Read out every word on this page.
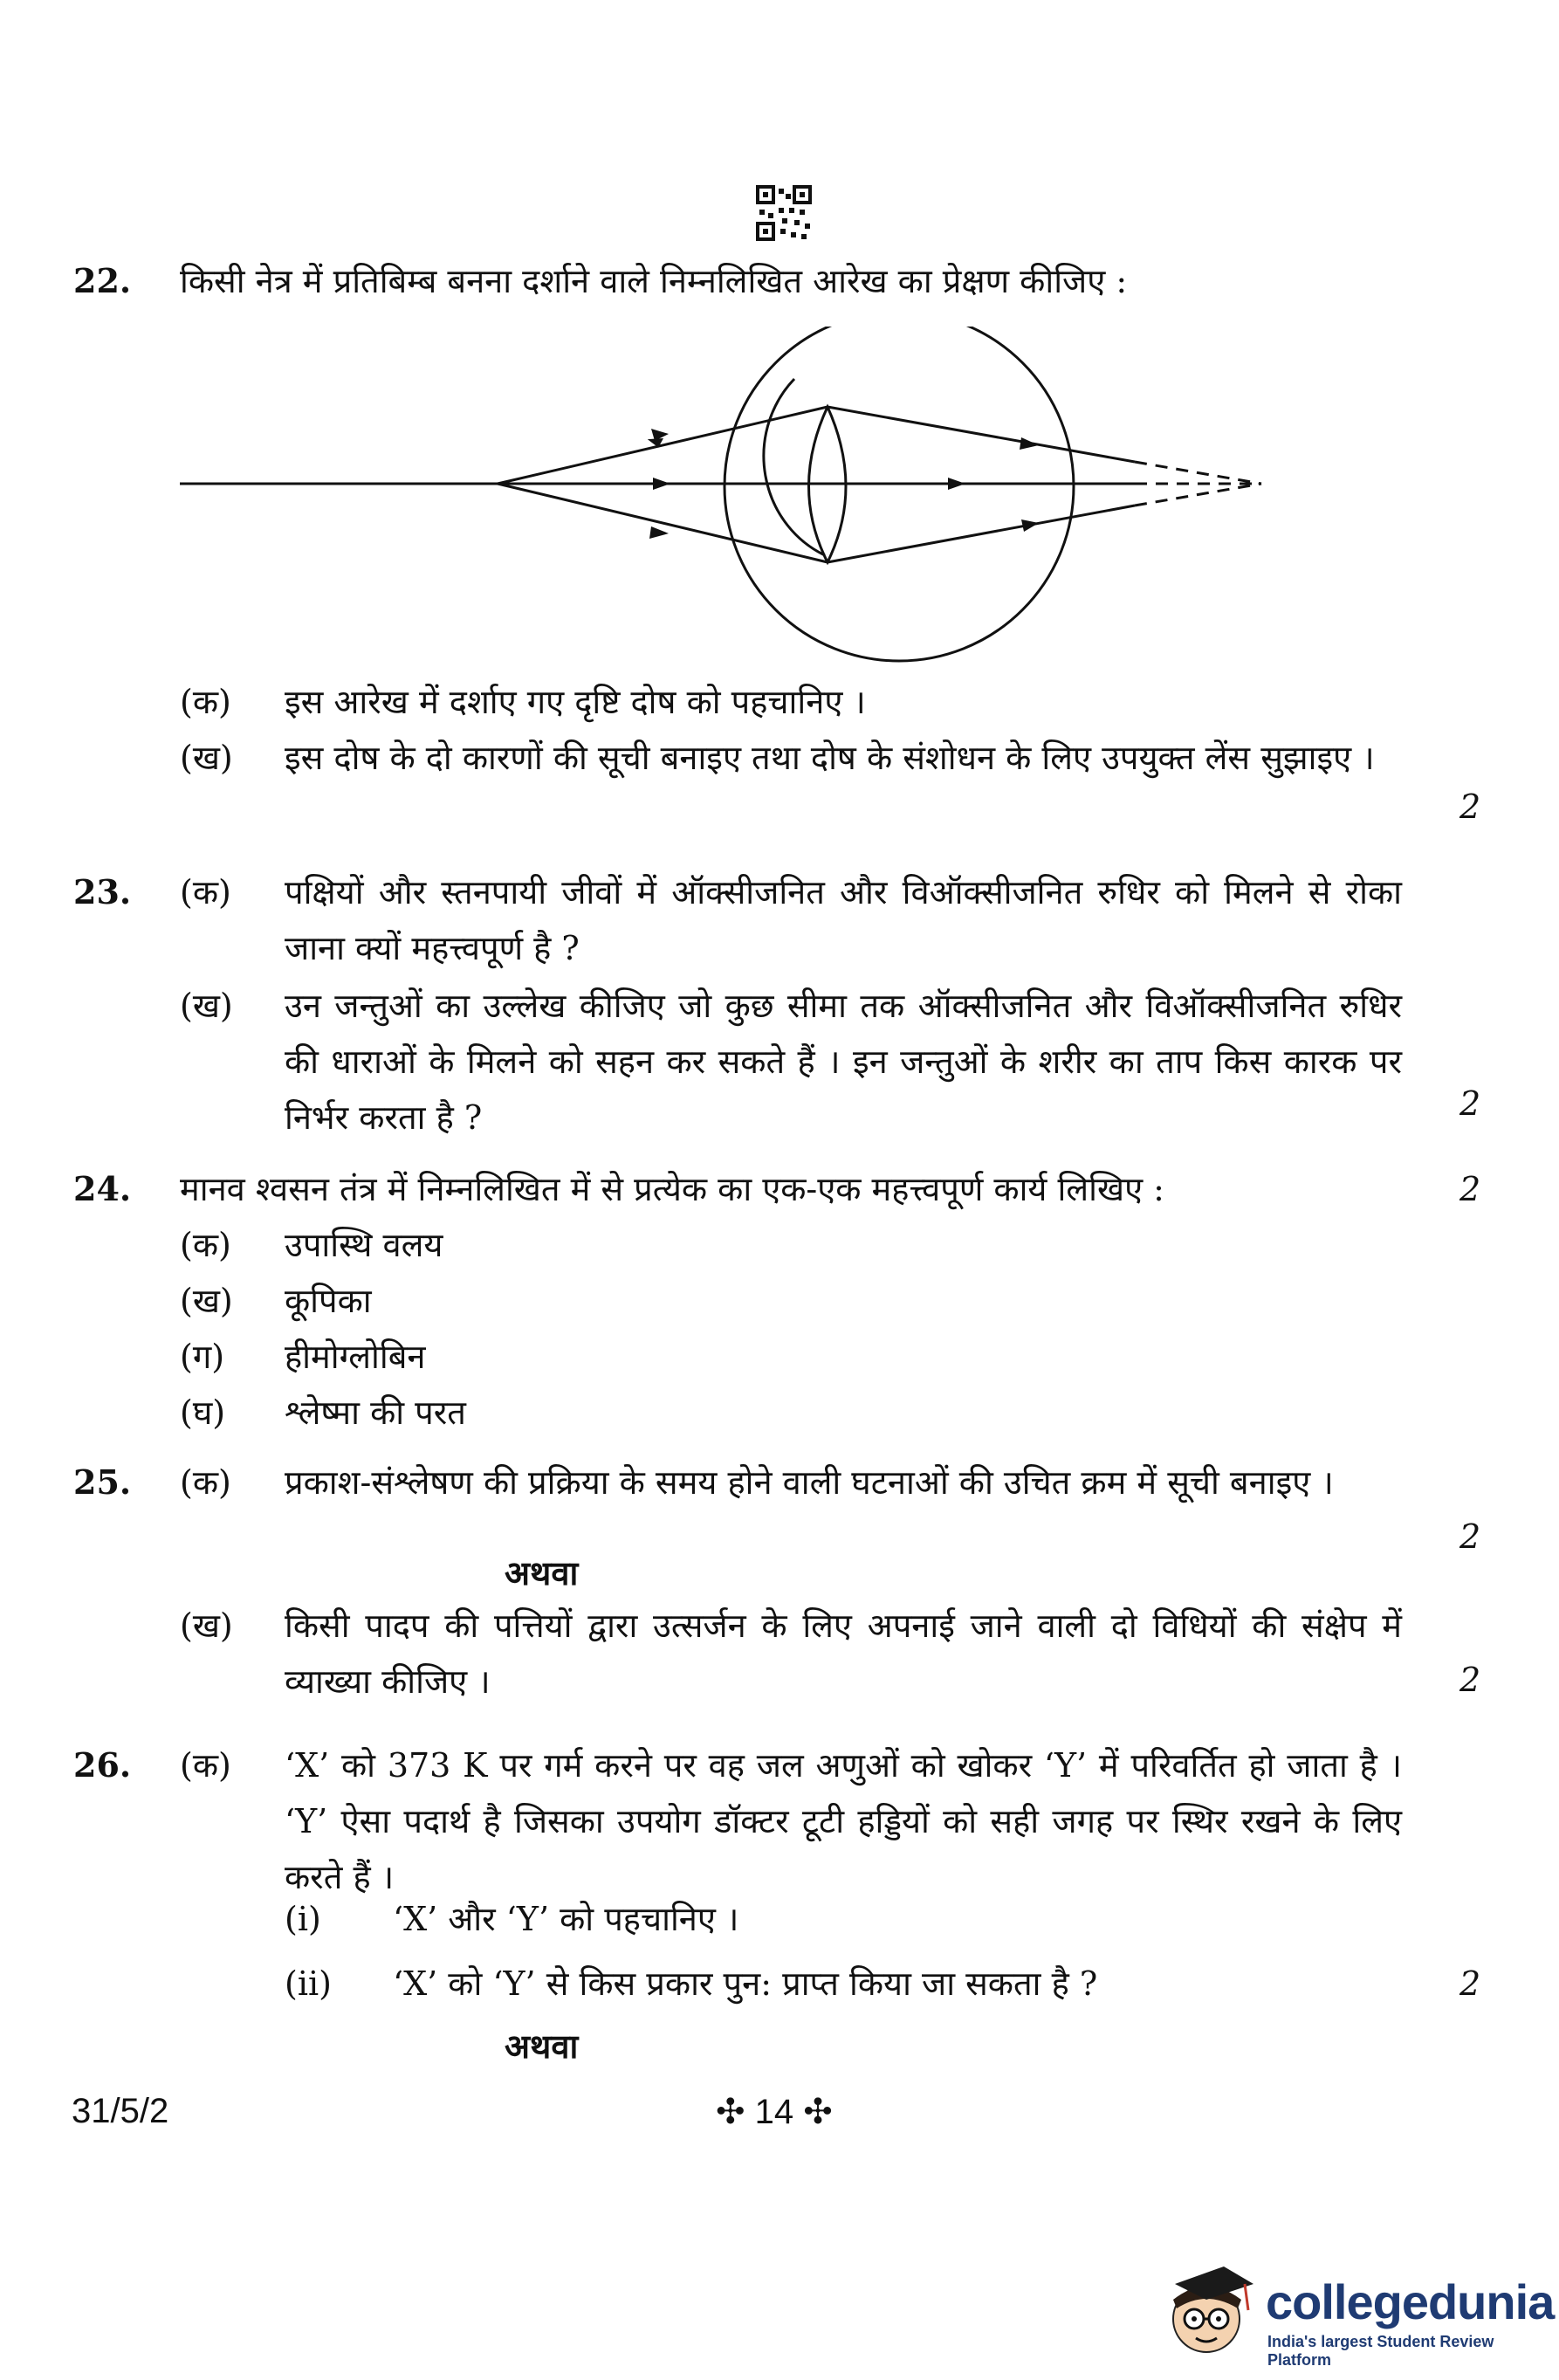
22. किसी नेत्र में प्रतिबिम्ब बनना दर्शाने वाले निम्नलिखित आरेख का प्रेक्षण कीजिए :
(क) इस आरेख में दर्शाए गए दृष्टि दोष को पहचानिए ।
(ख) इस दोष के दो कारणों की सूची बनाइए तथा दोष के संशोधन के लिए उपयुक्त लेंस सुझाइए ।
2
23. (क) पक्षियों और स्तनपायी जीवों में ऑक्सीजनित और विऑक्सीजनित रुधिर को मिलने से रोका जाना क्यों महत्त्वपूर्ण है ?
(ख) उन जन्तुओं का उल्लेख कीजिए जो कुछ सीमा तक ऑक्सीजनित और विऑक्सीजनित रुधिर की धाराओं के मिलने को सहन कर सकते हैं । इन जन्तुओं के शरीर का ताप किस कारक पर निर्भर करता है ?	2
24. मानव श्वसन तंत्र में निम्नलिखित में से प्रत्येक का एक-एक महत्त्वपूर्ण कार्य लिखिए :	2
(क) उपास्थि वलय
(ख) कूपिका
(ग) हीमोग्लोबिन
(घ) श्लेष्मा की परत
25. (क) प्रकाश-संश्लेषण की प्रक्रिया के समय होने वाली घटनाओं की उचित क्रम में सूची बनाइए ।
2
अथवा
(ख) किसी पादप की पत्तियों द्वारा उत्सर्जन के लिए अपनाई जाने वाली दो विधियों की संक्षेप में व्याख्या कीजिए ।	2
26. (क) ‘X’ को 373 K पर गर्म करने पर वह जल अणुओं को खोकर ‘Y’ में परिवर्तित हो जाता है । ‘Y’ ऐसा पदार्थ है जिसका उपयोग डॉक्टर टूटी हड्डियों को सही जगह पर स्थिर रखने के लिए करते हैं ।
(i) ‘X’ और ‘Y’ को पहचानिए ।
(ii) ‘X’ को ‘Y’ से किस प्रकार पुन: प्राप्त किया जा सकता है ?	2
अथवा
31/5/2	✣ 14 ✣
collegedunia
India's largest Student Review Platform
